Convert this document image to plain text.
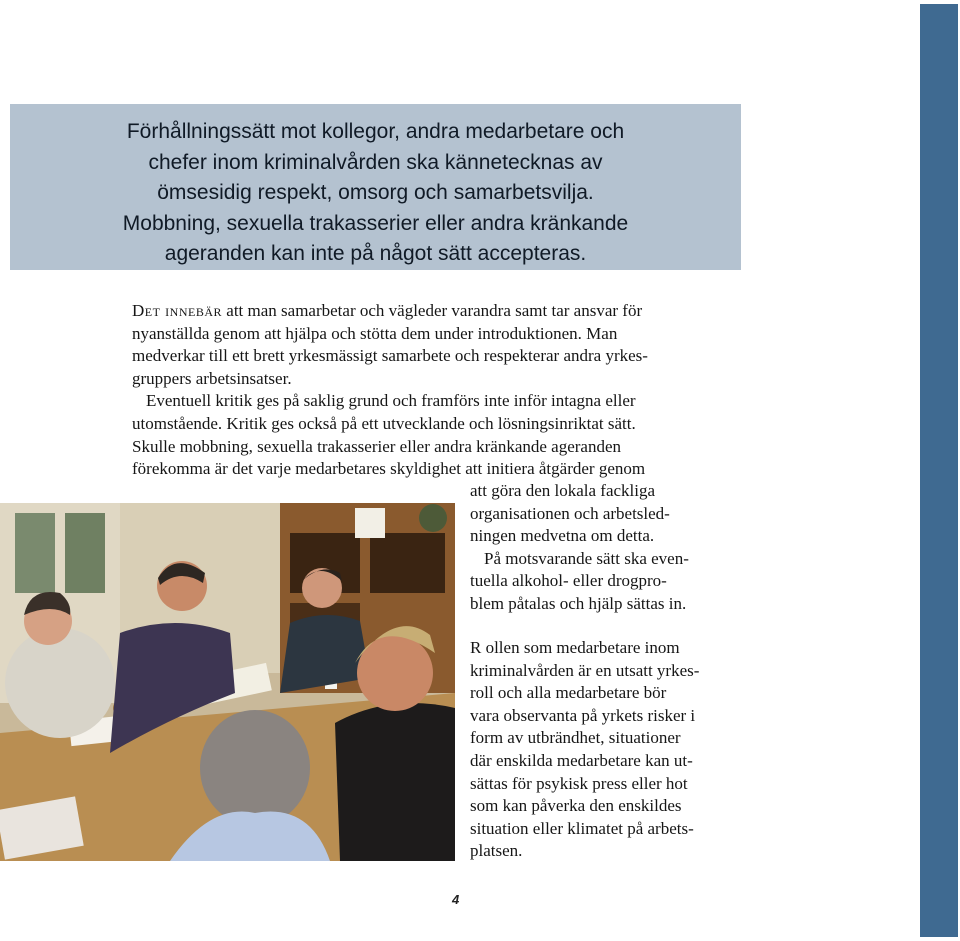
Förhållningssätt mot kollegor, andra medarbetare och
chefer inom kriminalvården ska kännetecknas av
ömsesidig respekt, omsorg och samarbetsvilja.
Mobbning, sexuella trakasserier eller andra kränkande
ageranden kan inte på något sätt accepteras.

Det innebär att man samarbetar och vägleder varandra samt tar ansvar för
nyanställda genom att hjälpa och stötta dem under introduktionen. Man
medverkar till ett brett yrkesmässigt samarbete och respekterar andra yrkes-
gruppers arbetsinsatser.
Eventuell kritik ges på saklig grund och framförs inte inför intagna eller
utomstående. Kritik ges också på ett utvecklande och lösningsinriktat sätt.
Skulle mobbning, sexuella trakasserier eller andra kränkande ageranden
förekomma är det varje medarbetares skyldighet att initiera åtgärder genom
att göra den lokala fackliga
organisationen och arbetsled-
ningen medvetna om detta.
På motsvarande sätt ska even-
tuella alkohol- eller drogpro-
blem påtalas och hjälp sättas in.
R ollen som medarbetare inom
kriminalvården är en utsatt yrkes-
roll och alla medarbetare bör
vara observanta på yrkets risker i
form av utbrändhet, situationer
där enskilda medarbetare kan ut-
sättas för psykisk press eller hot
som kan påverka den enskildes
situation eller klimatet på arbets-
platsen.
4
